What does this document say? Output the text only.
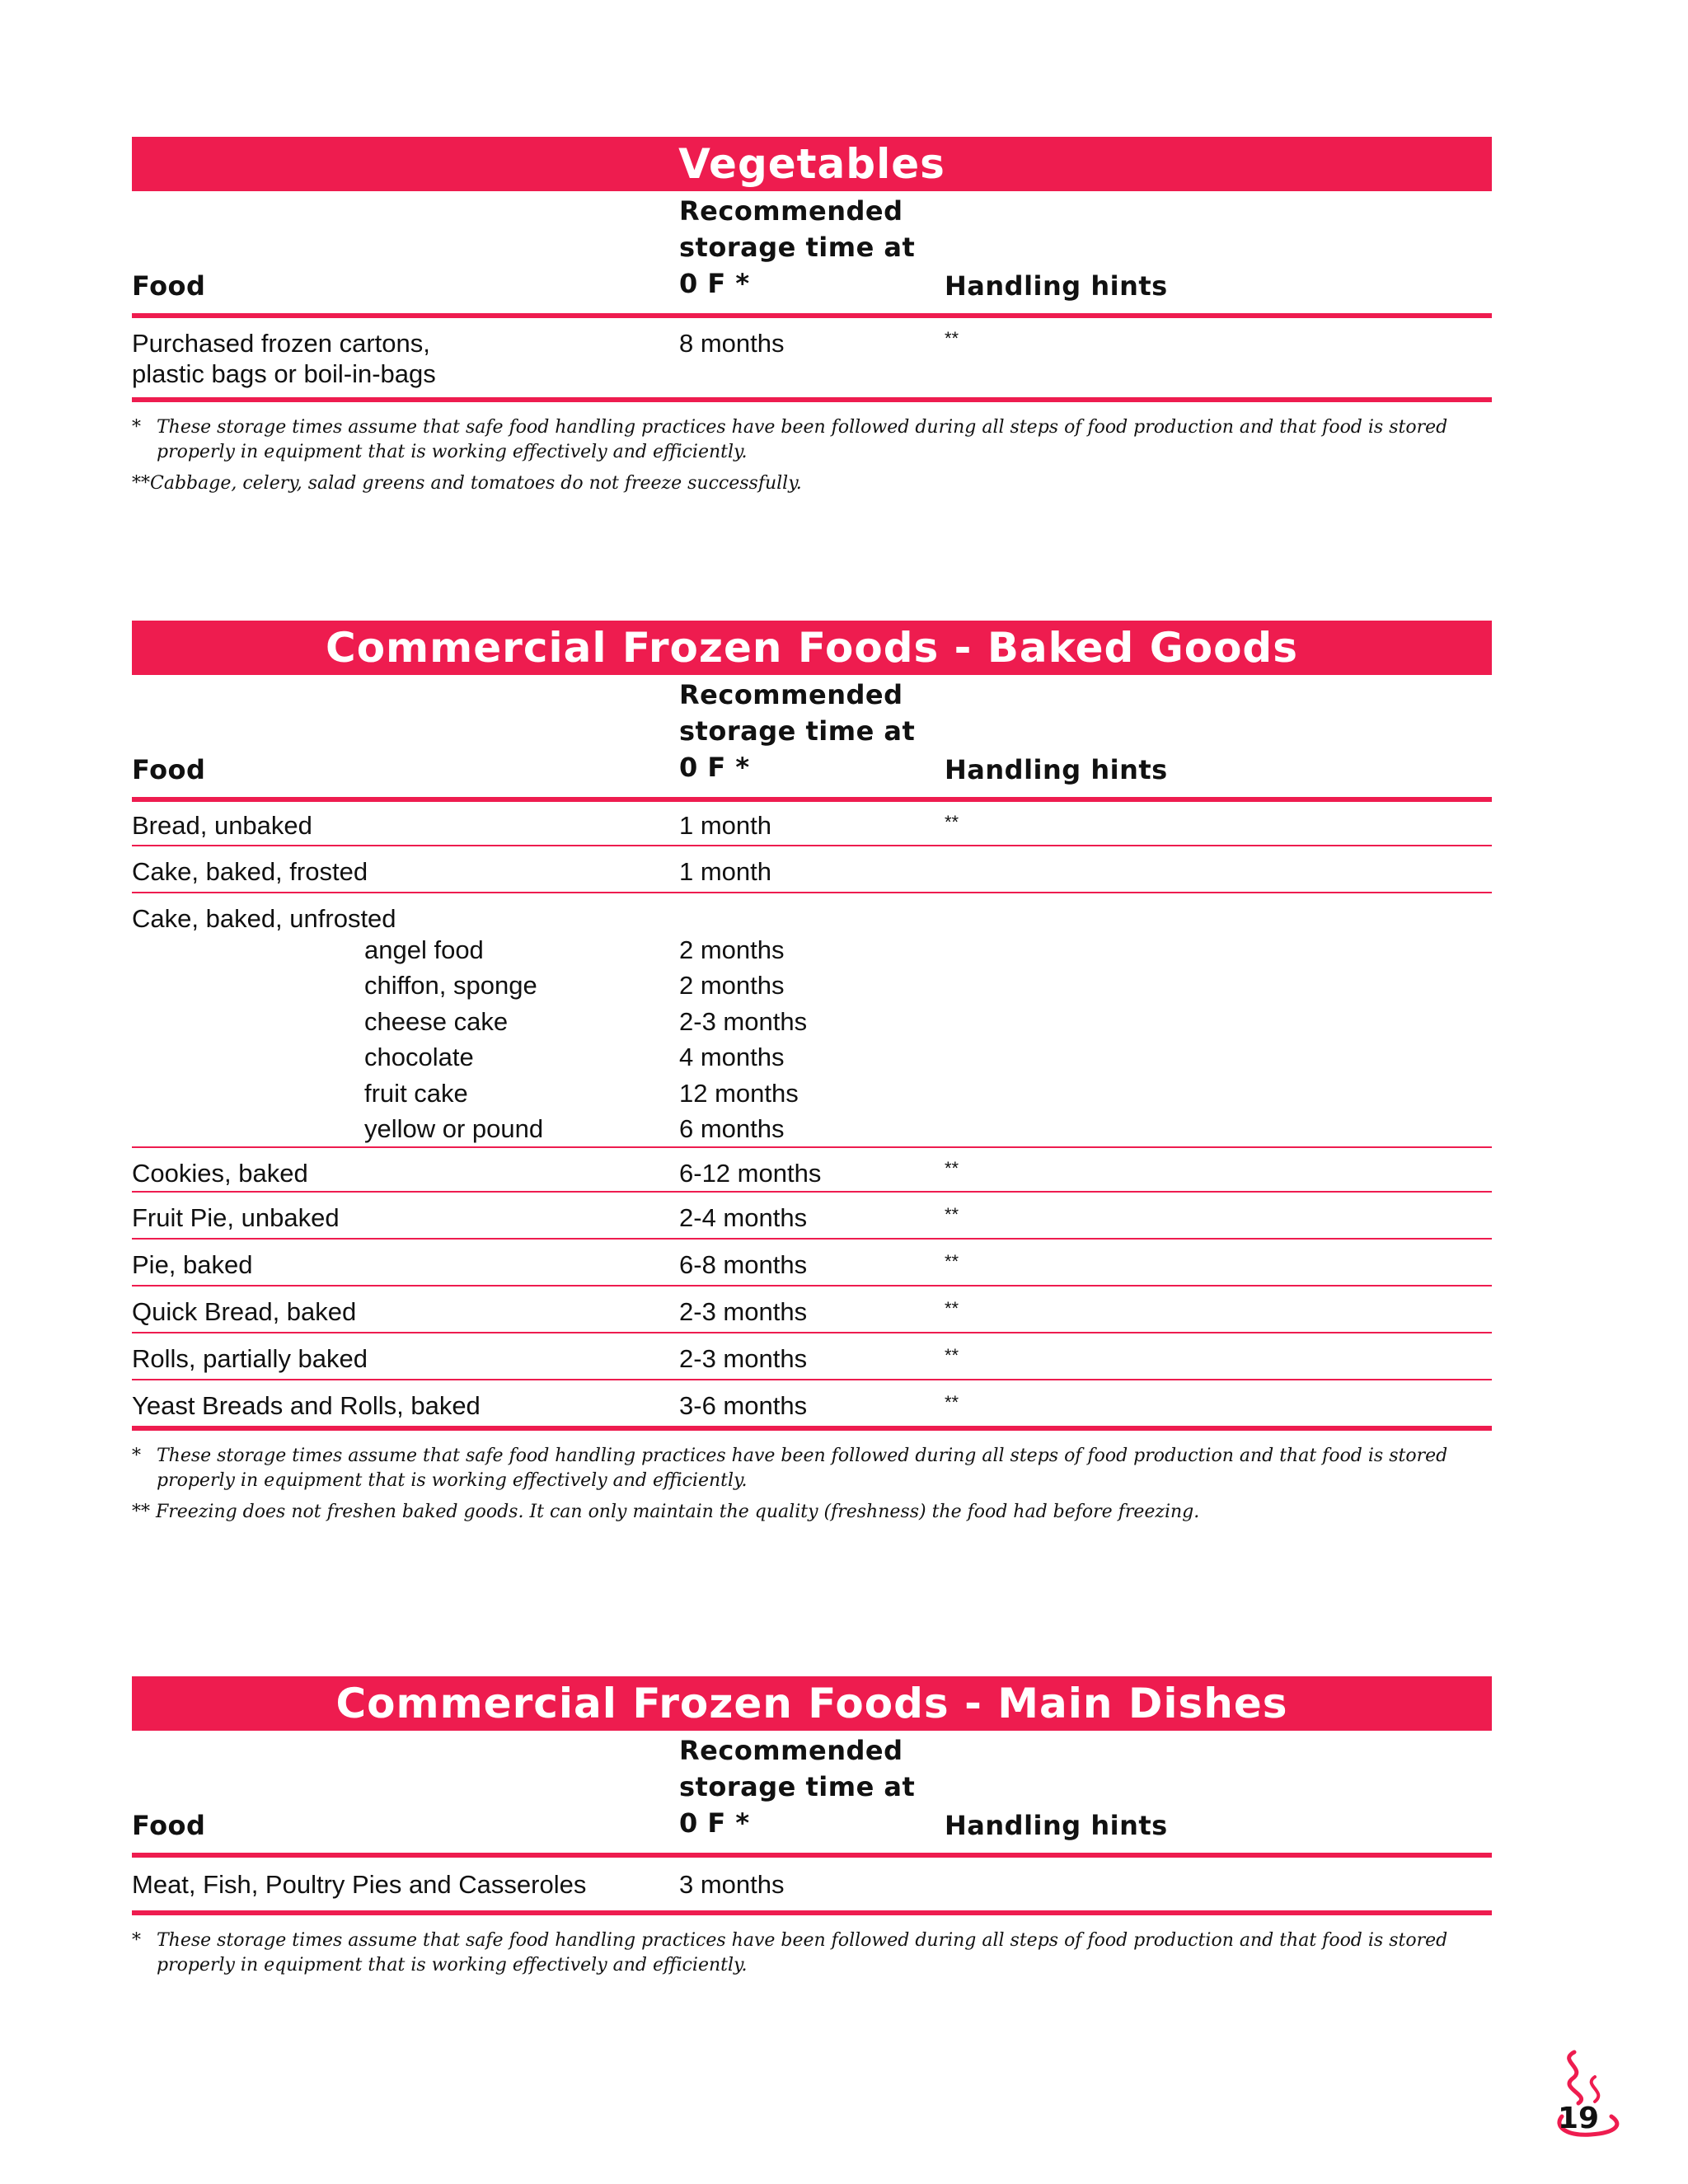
Vegetables
Food
Recommended
storage time at
0 F *	Handling hints
Purchased frozen cartons,
plastic bags or boil-in-bags
8 months	**
* These storage times assume that safe food handling practices have been followed during all steps of food production and that food is stored properly in equipment that is working effectively and efficiently.
**Cabbage, celery, salad greens and tomatoes do not freeze successfully.
Commercial Frozen Foods - Baked Goods
Food
Recommended
storage time at
0 F *	Handling hints
Bread, unbaked	1 month	**
Cake, baked, frosted	1 month
Cake, baked, unfrosted
angel food	2 months
chiffon, sponge	2 months
cheese cake	2-3 months
chocolate	4 months
fruit cake	12 months
yellow or pound	6 months
Cookies, baked	6-12 months	**
Fruit Pie, unbaked	2-4 months	**
Pie, baked	6-8 months	**
Quick Bread, baked	2-3 months	**
Rolls, partially baked	2-3 months	**
Yeast Breads and Rolls, baked	3-6 months	**
* These storage times assume that safe food handling practices have been followed during all steps of food production and that food is stored properly in equipment that is working effectively and efficiently.
** Freezing does not freshen baked goods. It can only maintain the quality (freshness) the food had before freezing.
Commercial Frozen Foods - Main Dishes
Food
Recommended
storage time at
0 F *	Handling hints
Meat, Fish, Poultry Pies and Casseroles	3 months
* These storage times assume that safe food handling practices have been followed during all steps of food production and that food is stored properly in equipment that is working effectively and efficiently.
19
